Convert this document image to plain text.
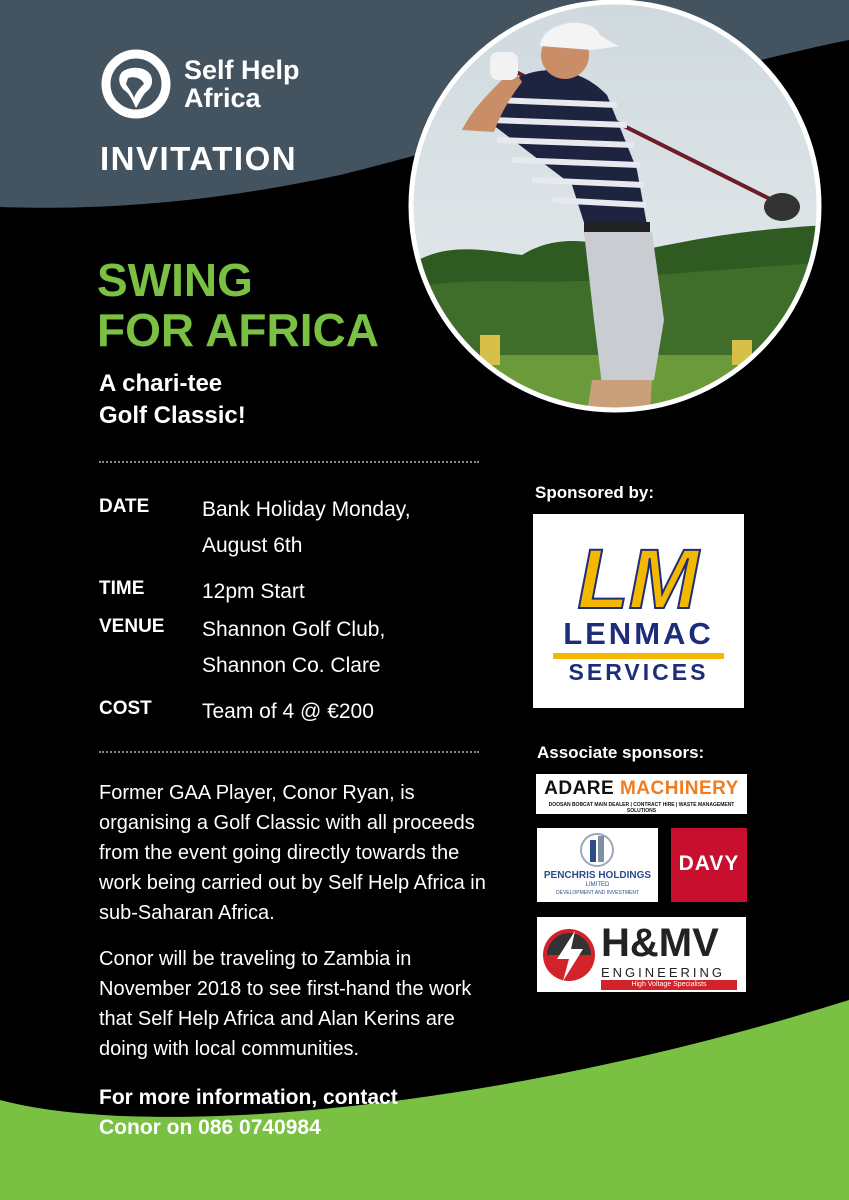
Self Help
Africa
INVITATION
SWING
FOR AFRICA
A chari-tee
Golf Classic!
DATE	Bank Holiday Monday,
August 6th
TIME	12pm Start
VENUE	Shannon Golf Club,
Shannon Co. Clare
COST	Team of 4 @ €200

Former GAA Player, Conor Ryan, is organising a Golf Classic with all proceeds from the event going directly towards the work being carried out by Self Help Africa in sub-Saharan Africa.

Conor will be traveling to Zambia in November 2018 to see first-hand the work that Self Help Africa and Alan Kerins are doing with local communities.

For more information, contact
Conor on 086 0740984
Sponsored by:
LM
LENMAC
SERVICES
Associate sponsors:
ADARE MACHINERY
DOOSAN BOBCAT MAIN DEALER | CONTRACT HIRE | WASTE MANAGEMENT SOLUTIONS
PENCHRIS HOLDINGS
LIMITED
DEVELOPMENT AND INVESTMENT
DAVY
H&MV
ENGINEERING
High Voltage Specialists
